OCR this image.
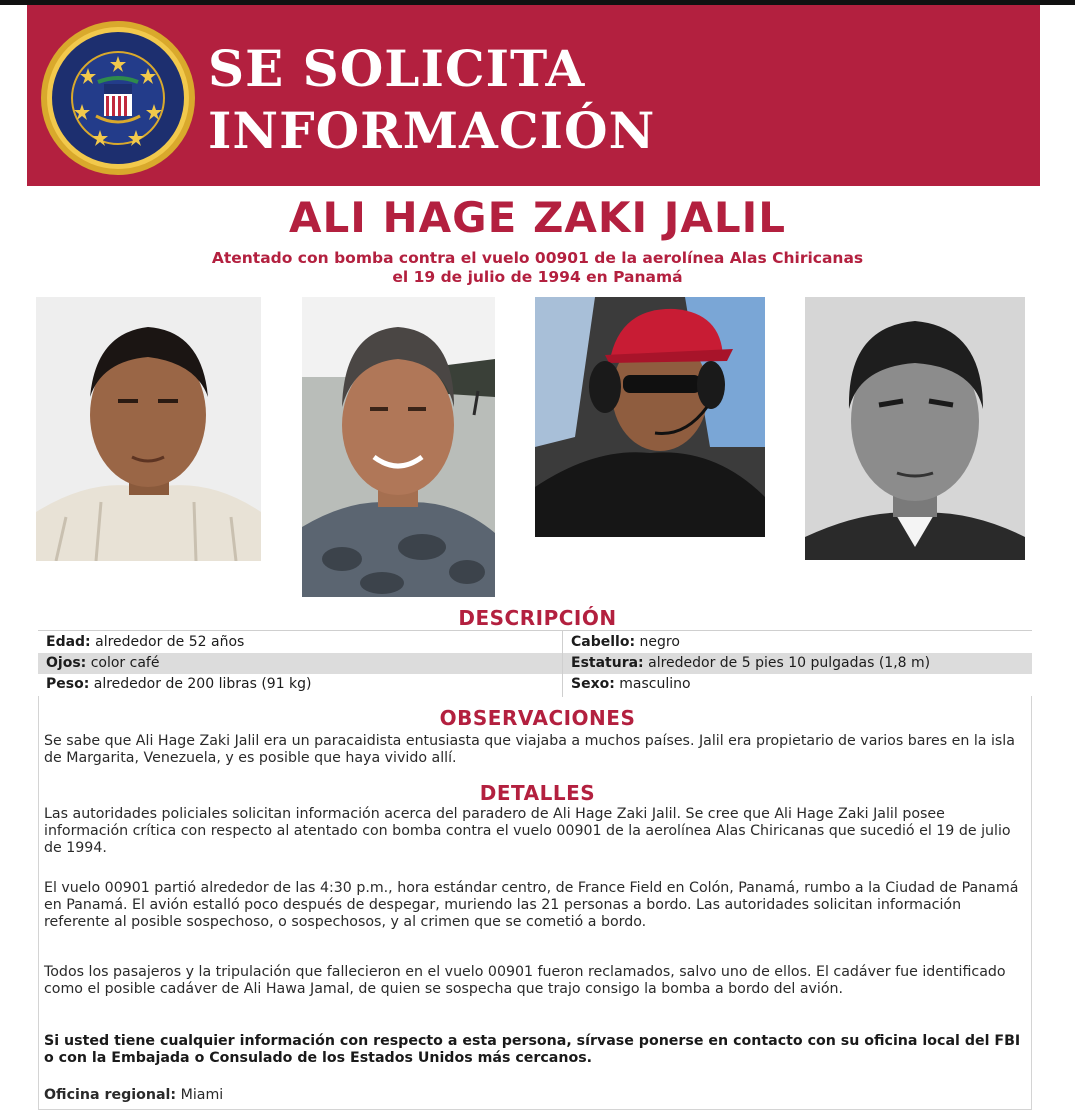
SE SOLICITA
INFORMACIÓN
ALI HAGE ZAKI JALIL
Atentado con bomba contra el vuelo 00901 de la aerolínea Alas Chiricanas
el 19 de julio de 1994 en Panamá
DESCRIPCIÓN
Edad: alrededor de 52 años	Cabello: negro
Ojos: color café	Estatura: alrededor de 5 pies 10 pulgadas (1,8 m)
Peso: alrededor de 200 libras (91 kg)	Sexo: masculino
OBSERVACIONES

Se sabe que Ali Hage Zaki Jalil era un paracaidista entusiasta que viajaba a muchos países. Jalil era propietario de varios bares en la isla de Margarita, Venezuela, y es posible que haya vivido allí.

DETALLES

Las autoridades policiales solicitan información acerca del paradero de Ali Hage Zaki Jalil. Se cree que Ali Hage Zaki Jalil posee información crítica con respecto al atentado con bomba contra el vuelo 00901 de la aerolínea Alas Chiricanas que sucedió el 19 de julio de 1994.

El vuelo 00901 partió alrededor de las 4:30 p.m., hora estándar centro, de France Field en Colón, Panamá, rumbo a la Ciudad de Panamá en Panamá. El avión estalló poco después de despegar, muriendo las 21 personas a bordo. Las autoridades solicitan información referente al posible sospechoso, o sospechosos, y al crimen que se cometió a bordo.

Todos los pasajeros y la tripulación que fallecieron en el vuelo 00901 fueron reclamados, salvo uno de ellos. El cadáver fue identificado como el posible cadáver de Ali Hawa Jamal, de quien se sospecha que trajo consigo la bomba a bordo del avión.

Si usted tiene cualquier información con respecto a esta persona, sírvase ponerse en contacto con su oficina local del FBI o con la Embajada o Consulado de los Estados Unidos más cercanos.

Oficina regional: Miami
